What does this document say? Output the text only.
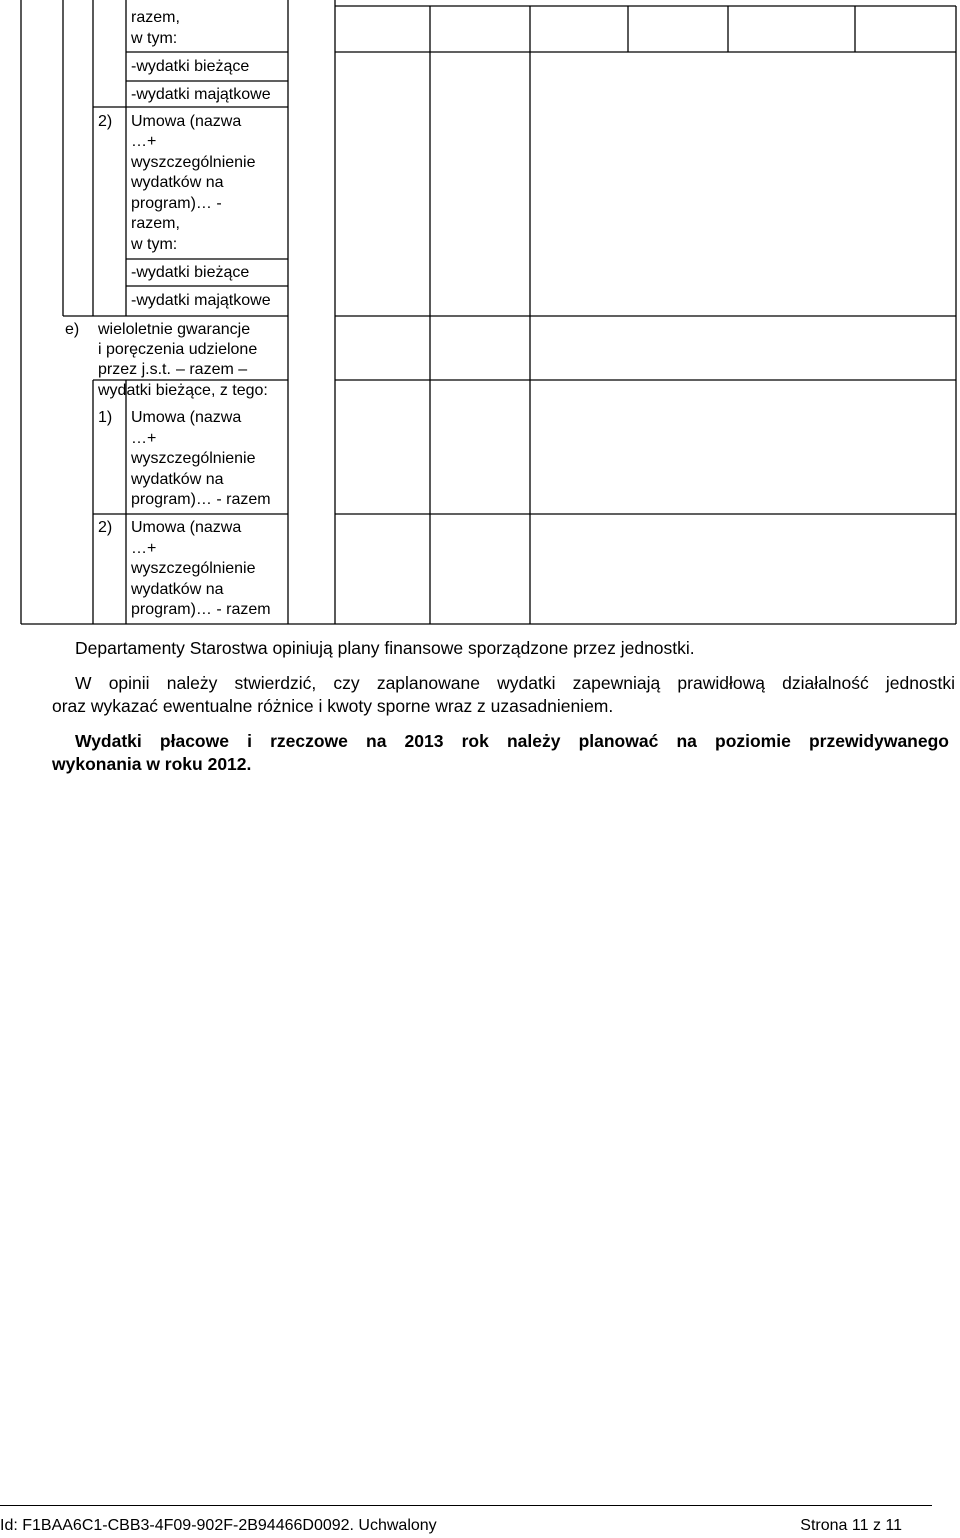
razem,
w tym:
-wydatki bieżące
-wydatki majątkowe
2) Umowa (nazwa
…+
wyszczególnienie
wydatków na
program)… -
razem,
w tym:
-wydatki bieżące
-wydatki majątkowe
e) wieloletnie gwarancje
i poręczenia udzielone
przez j.s.t. – razem –
wydatki bieżące, z tego:
1) Umowa (nazwa
…+
wyszczególnienie
wydatków na
program)… - razem
2) Umowa (nazwa
…+
wyszczególnienie
wydatków na
program)… - razem
Departamenty Starostwa opiniują plany finansowe sporządzone przez jednostki.
W opinii należy stwierdzić, czy zaplanowane wydatki zapewniają prawidłową działalność jednostki
oraz wykazać ewentualne różnice i kwoty sporne wraz z uzasadnieniem.
Wydatki płacowe i rzeczowe na 2013 rok należy planować na poziomie przewidywanego
wykonania w roku 2012.
Id: F1BAA6C1-CBB3-4F09-902F-2B94466D0092. Uchwalony	Strona 11 z 11
